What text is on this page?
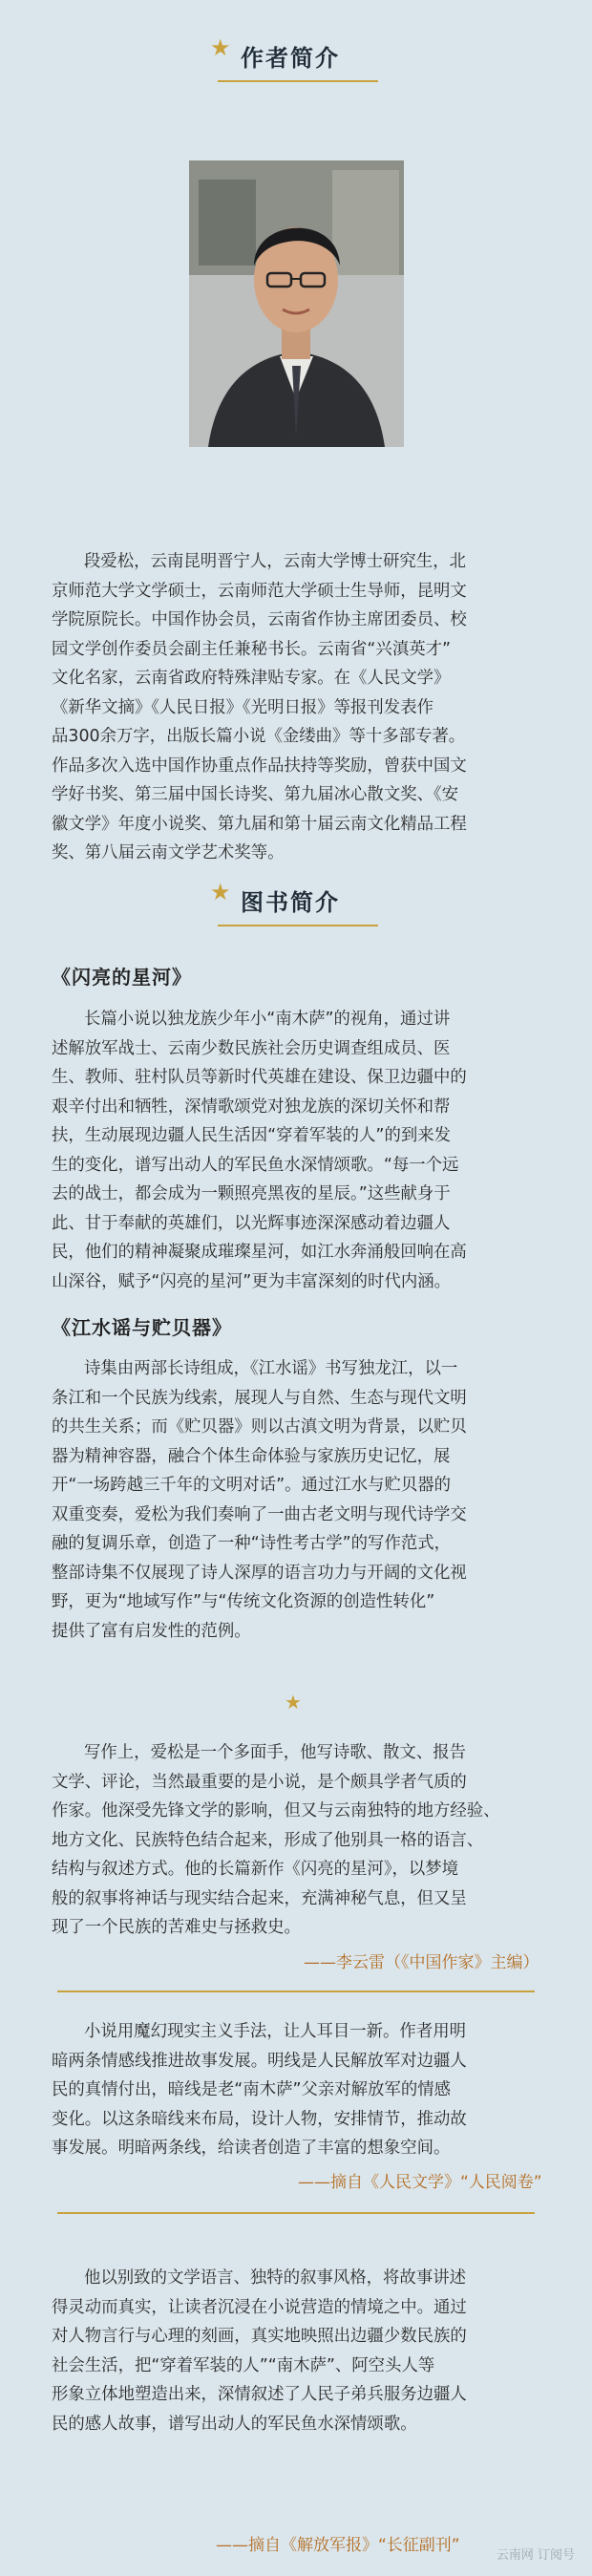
★ 作者简介
段爱松，云南昆明晋宁人，云南大学博士研究生，北
京师范大学文学硕士，云南师范大学硕士生导师，昆明文
学院原院长。中国作协会员，云南省作协主席团委员、校
园文学创作委员会副主任兼秘书长。云南省“兴滇英才”
文化名家，云南省政府特殊津贴专家。在《人民文学》
《新华文摘》《人民日报》《光明日报》等报刊发表作
品300余万字，出版长篇小说《金缕曲》等十多部专著。
作品多次入选中国作协重点作品扶持等奖励，曾获中国文
学好书奖、第三届中国长诗奖、第九届冰心散文奖、《安
徽文学》年度小说奖、第九届和第十届云南文化精品工程
奖、第八届云南文学艺术奖等。
★ 图书简介
《闪亮的星河》
长篇小说以独龙族少年小“南木萨”的视角，通过讲
述解放军战士、云南少数民族社会历史调查组成员、医
生、教师、驻村队员等新时代英雄在建设、保卫边疆中的
艰辛付出和牺牲，深情歌颂党对独龙族的深切关怀和帮
扶，生动展现边疆人民生活因“穿着军装的人”的到来发
生的变化，谱写出动人的军民鱼水深情颂歌。“每一个远
去的战士，都会成为一颗照亮黑夜的星辰。”这些献身于
此、甘于奉献的英雄们，以光辉事迹深深感动着边疆人
民，他们的精神凝聚成璀璨星河，如江水奔涌般回响在高
山深谷，赋予“闪亮的星河”更为丰富深刻的时代内涵。
《江水谣与贮贝器》
诗集由两部长诗组成，《江水谣》书写独龙江，以一
条江和一个民族为线索，展现人与自然、生态与现代文明
的共生关系；而《贮贝器》则以古滇文明为背景，以贮贝
器为精神容器，融合个体生命体验与家族历史记忆，展
开“一场跨越三千年的文明对话”。通过江水与贮贝器的
双重变奏，爱松为我们奏响了一曲古老文明与现代诗学交
融的复调乐章，创造了一种“诗性考古学”的写作范式，
整部诗集不仅展现了诗人深厚的语言功力与开阔的文化视
野，更为“地域写作”与“传统文化资源的创造性转化”
提供了富有启发性的范例。
★
写作上，爱松是一个多面手，他写诗歌、散文、报告
文学、评论，当然最重要的是小说，是个颇具学者气质的
作家。他深受先锋文学的影响，但又与云南独特的地方经验、
地方文化、民族特色结合起来，形成了他别具一格的语言、
结构与叙述方式。他的长篇新作《闪亮的星河》，以梦境
般的叙事将神话与现实结合起来，充满神秘气息，但又呈
现了一个民族的苦难史与拯救史。
——李云雷（《中国作家》主编）
小说用魔幻现实主义手法，让人耳目一新。作者用明
暗两条情感线推进故事发展。明线是人民解放军对边疆人
民的真情付出，暗线是老“南木萨”父亲对解放军的情感
变化。以这条暗线来布局，设计人物，安排情节，推动故
事发展。明暗两条线，给读者创造了丰富的想象空间。
——摘自《人民文学》“人民阅卷”
他以别致的文学语言、独特的叙事风格，将故事讲述
得灵动而真实，让读者沉浸在小说营造的情境之中。通过
对人物言行与心理的刻画，真实地映照出边疆少数民族的
社会生活，把“穿着军装的人”“南木萨”、阿空头人等
形象立体地塑造出来，深情叙述了人民子弟兵服务边疆人
民的感人故事，谱写出动人的军民鱼水深情颂歌。
——摘自《解放军报》“长征副刊”
云南网 订阅号
